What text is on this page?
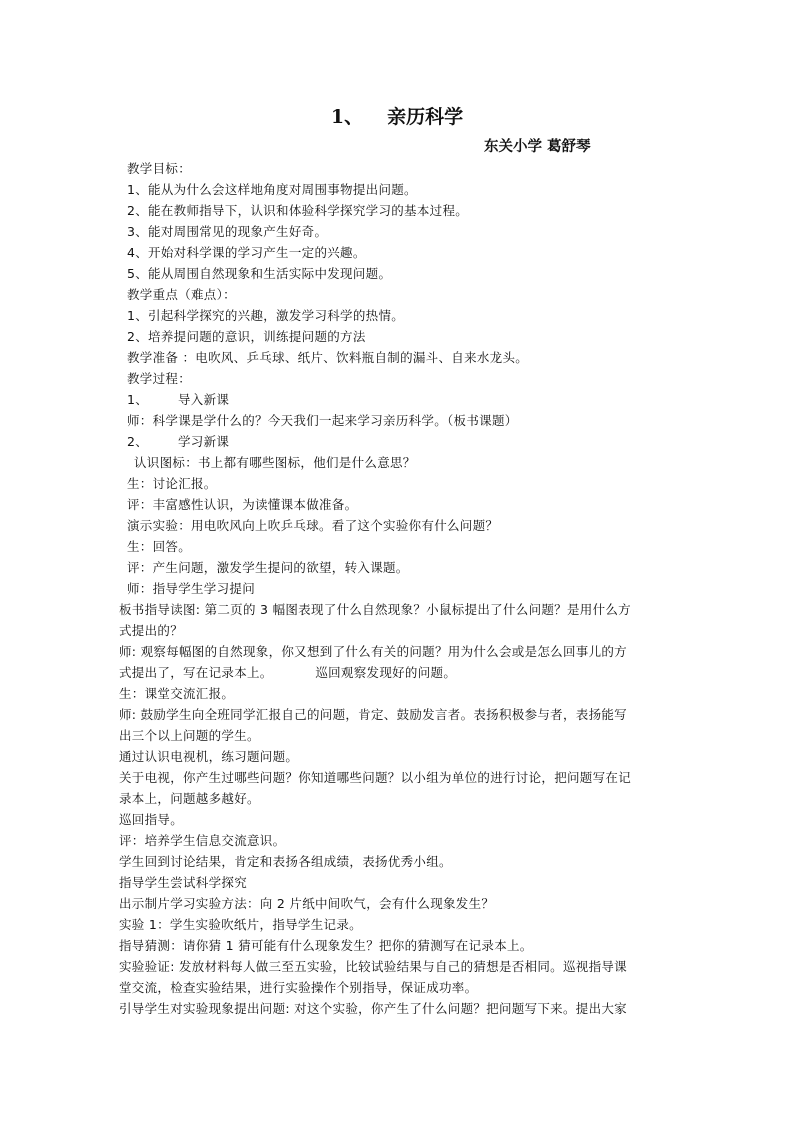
1、 亲历科学
东关小学 葛舒琴
教学目标：
1、能从为什么会这样地角度对周围事物提出问题。
2、能在教师指导下，认识和体验科学探究学习的基本过程。
3、能对周围常见的现象产生好奇。
4、开始对科学课的学习产生一定的兴趣。
5、能从周围自然现象和生活实际中发现问题。
教学重点（难点）：
1、引起科学探究的兴趣，激发学习科学的热情。
2、培养提问题的意识，训练提问题的方法
教学准备 ：电吹风、乒乓球、纸片、饮料瓶自制的漏斗、自来水龙头。
教学过程：
1、       导入新课
师：科学课是学什么的？今天我们一起来学习亲历科学。（板书课题）
2、       学习新课
认识图标：书上都有哪些图标，他们是什么意思？
生：讨论汇报。
评：丰富感性认识，为读懂课本做准备。
演示实验：用电吹风向上吹乒乓球。看了这个实验你有什么问题？
生：回答。
评：产生问题，激发学生提问的欲望，转入课题。
师：指导学生学习提问
板书指导读图: 第二页的 3 幅图表现了什么自然现象？小鼠标提出了什么问题？是用什么方
式提出的？
师: 观察每幅图的自然现象，你又想到了什么有关的问题？用为什么会或是怎么回事儿的方
式提出了，写在记录本上。          巡回观察发现好的问题。
生：课堂交流汇报。
师: 鼓励学生向全班同学汇报自己的问题，肯定、鼓励发言者。表扬积极参与者，表扬能写
出三个以上问题的学生。
通过认识电视机，练习题问题。
关于电视，你产生过哪些问题？你知道哪些问题？以小组为单位的进行讨论，把问题写在记
录本上，问题越多越好。
巡回指导。
评：培养学生信息交流意识。
学生回到讨论结果，肯定和表扬各组成绩，表扬优秀小组。
指导学生尝试科学探究
出示制片学习实验方法：向 2 片纸中间吹气，会有什么现象发生？
实验 1：学生实验吹纸片，指导学生记录。
指导猜测：请你猜 1 猜可能有什么现象发生？把你的猜测写在记录本上。
实验验证: 发放材料每人做三至五实验，比较试验结果与自己的猜想是否相同。巡视指导课
堂交流，检查实验结果，进行实验操作个别指导，保证成功率。
引导学生对实验现象提出问题: 对这个实验，你产生了什么问题？把问题写下来。提出大家
